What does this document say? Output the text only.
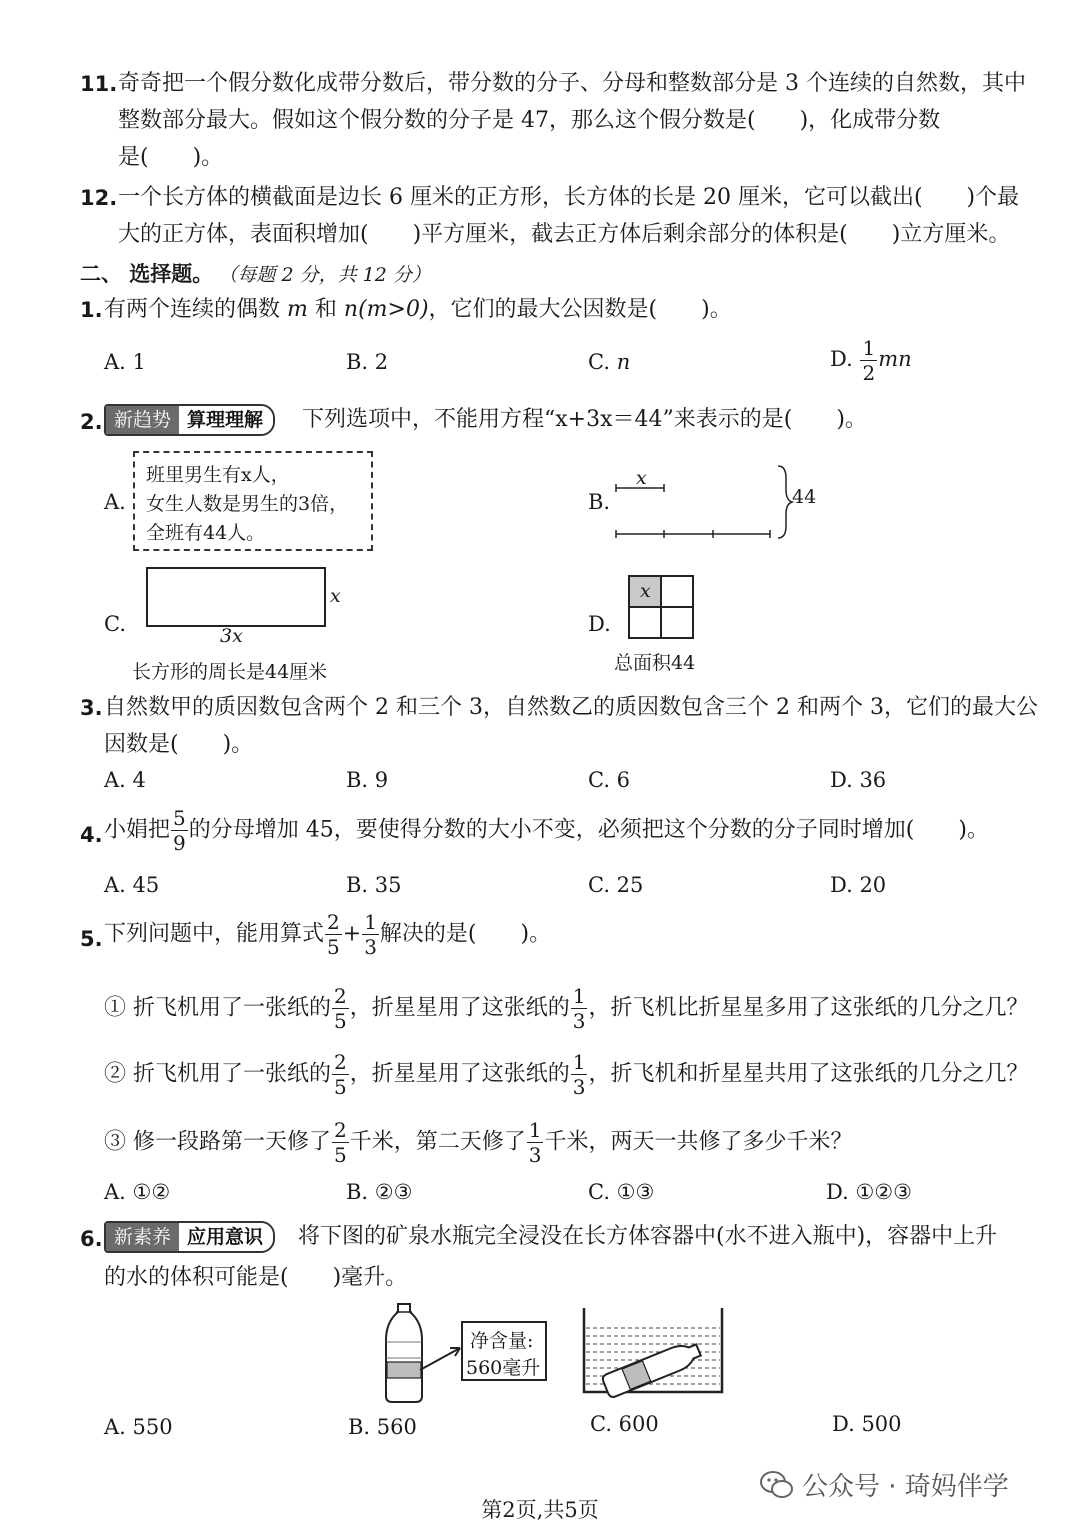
11. 奇奇把一个假分数化成带分数后，带分数的分子、分母和整数部分是 3 个连续的自然数，其中
整数部分最大。假如这个假分数的分子是 47，那么这个假分数是(　　)，化成带分数
是(　　)。
12. 一个长方体的横截面是边长 6 厘米的正方形，长方体的长是 20 厘米，它可以截出(　　)个最
大的正方体，表面积增加(　　)平方厘米，截去正方体后剩余部分的体积是(　　)立方厘米。
二、 选择题。 （每题 2 分，共 12 分）
1. 有两个连续的偶数 m 和 n(m>0)，它们的最大公因数是(　　)。
A. 1	B. 2	C. n	D. $\frac{1}{2}$ mn
2. 新趋势 算理理解	下列选项中，不能用方程“x+3x＝44”来表示的是(　　)。
A.
班里男生有x人，
女生人数是男生的3倍，
全班有44人。
B.
x
44
C.
x
3x
长方形的周长是44厘米
D.
x
总面积44
3. 自然数甲的质因数包含两个 2 和三个 3，自然数乙的质因数包含三个 2 和两个 3，它们的最大公
因数是(　　)。
A. 4	B. 9	C. 6	D. 36
4. 小娟把 $\frac{5}{9}$ 的分母增加 45，要使得分数的大小不变，必须把这个分数的分子同时增加(　　)。
A. 45	B. 35	C. 25	D. 20
5. 下列问题中，能用算式 $\frac{2}{5} + \frac{1}{3}$ 解决的是(　　)。
① 折飞机用了一张纸的 $\frac{2}{5}$ ，折星星用了这张纸的 $\frac{1}{3}$ ，折飞机比折星星多用了这张纸的几分之几？
② 折飞机用了一张纸的 $\frac{2}{5}$ ，折星星用了这张纸的 $\frac{1}{3}$ ，折飞机和折星星共用了这张纸的几分之几？
③ 修一段路第一天修了 $\frac{2}{5}$ 千米，第二天修了 $\frac{1}{3}$ 千米，两天一共修了多少千米？
A. ①②	B. ②③	C. ①③	D. ①②③
6. 新素养 应用意识	将下图的矿泉水瓶完全浸没在长方体容器中(水不进入瓶中)，容器中上升
的水的体积可能是(　　)毫升。
净含量:
560毫升
A. 550	B. 560	C. 600	D. 500
公众号 · 琦妈伴学
第2页,共5页
